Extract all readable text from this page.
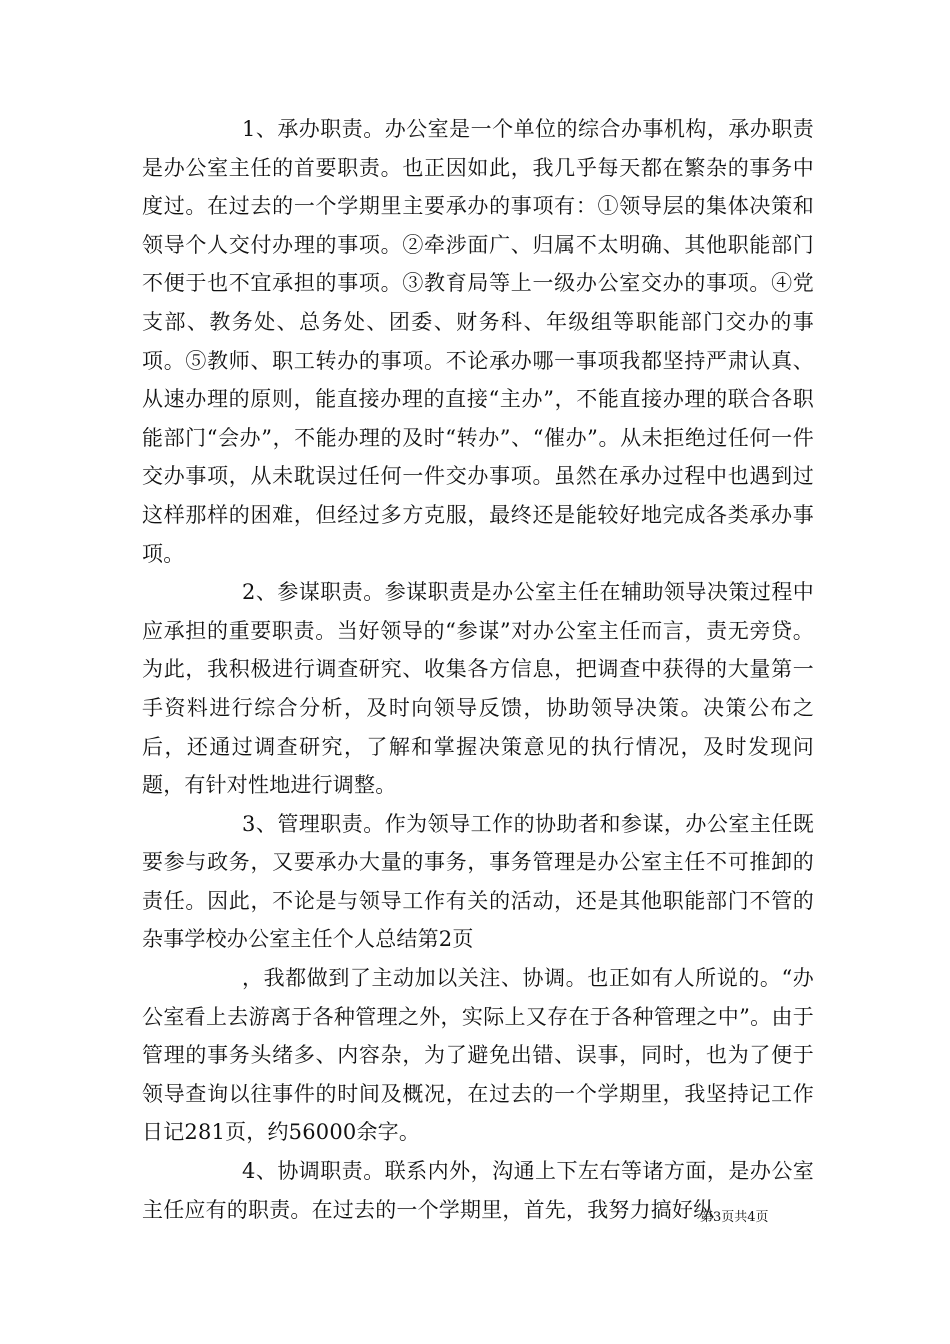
1、承办职责。办公室是一个单位的综合办事机构，承办职责是办公室主任的首要职责。也正因如此，我几乎每天都在繁杂的事务中度过。在过去的一个学期里主要承办的事项有：①领导层的集体决策和领导个人交付办理的事项。②牵涉面广、归属不太明确、其他职能部门不便于也不宜承担的事项。③教育局等上一级办公室交办的事项。④党支部、教务处、总务处、团委、财务科、年级组等职能部门交办的事项。⑤教师、职工转办的事项。不论承办哪一事项我都坚持严肃认真、从速办理的原则，能直接办理的直接“主办”，不能直接办理的联合各职能部门“会办”，不能办理的及时“转办”、“催办”。从未拒绝过任何一件交办事项，从未耽误过任何一件交办事项。虽然在承办过程中也遇到过这样那样的困难，但经过多方克服，最终还是能较好地完成各类承办事项。

2、参谋职责。参谋职责是办公室主任在辅助领导决策过程中应承担的重要职责。当好领导的“参谋”对办公室主任而言，责无旁贷。为此，我积极进行调查研究、收集各方信息，把调查中获得的大量第一手资料进行综合分析，及时向领导反馈，协助领导决策。决策公布之后，还通过调查研究，了解和掌握决策意见的执行情况，及时发现问题，有针对性地进行调整。

3、管理职责。作为领导工作的协助者和参谋，办公室主任既要参与政务，又要承办大量的事务，事务管理是办公室主任不可推卸的责任。因此，不论是与领导工作有关的活动，还是其他职能部门不管的杂事学校办公室主任个人总结第2页

，我都做到了主动加以关注、协调。也正如有人所说的。“办公室看上去游离于各种管理之外，实际上又存在于各种管理之中”。由于管理的事务头绪多、内容杂，为了避免出错、误事，同时，也为了便于领导查询以往事件的时间及概况，在过去的一个学期里，我坚持记工作日记281页，约56000余字。

4、协调职责。联系内外，沟通上下左右等诸方面，是办公室主任应有的职责。在过去的一个学期里，首先，我努力搞好纵

第3页共4页
